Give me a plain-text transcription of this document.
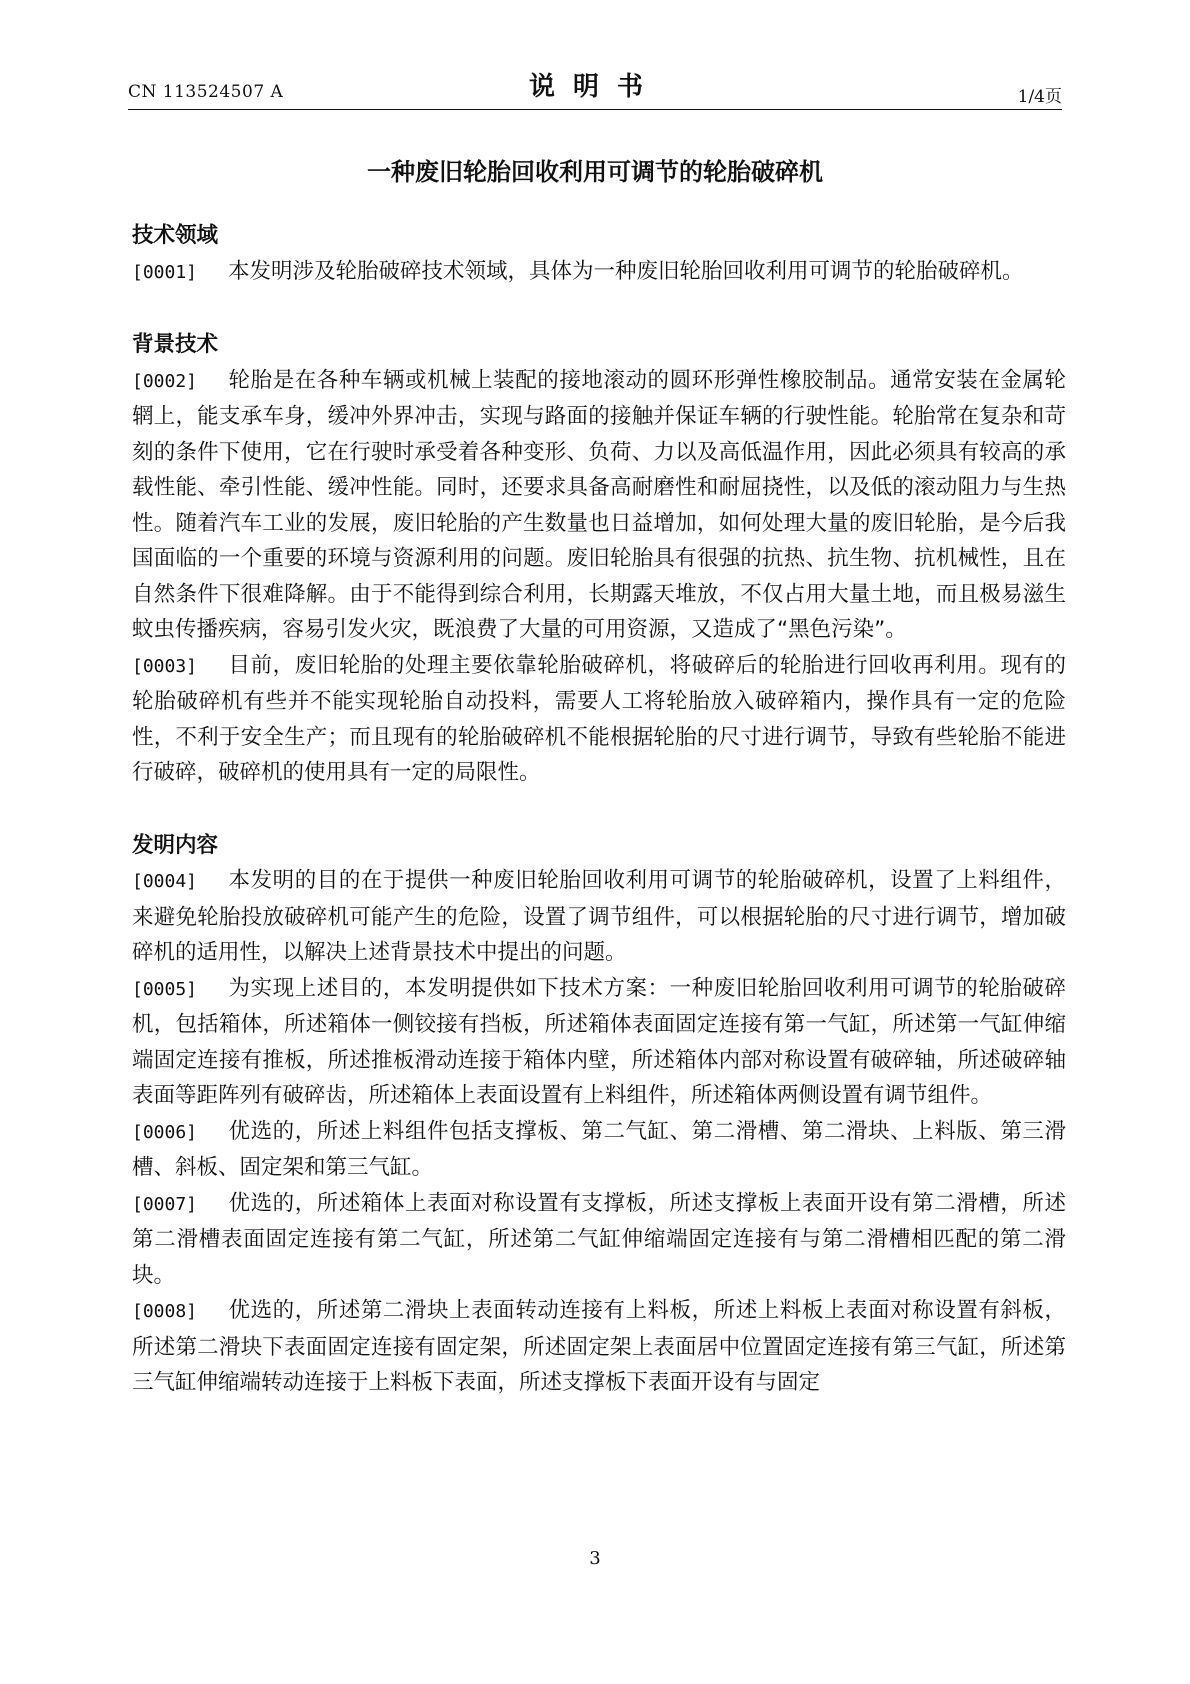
CN 113524507 A	说明书	1/4页
一种废旧轮胎回收利用可调节的轮胎破碎机
技术领域
[0001] 本发明涉及轮胎破碎技术领域，具体为一种废旧轮胎回收利用可调节的轮胎破碎机。
背景技术
[0002] 轮胎是在各种车辆或机械上装配的接地滚动的圆环形弹性橡胶制品。通常安装在金属轮辋上，能支承车身，缓冲外界冲击，实现与路面的接触并保证车辆的行驶性能。轮胎常在复杂和苛刻的条件下使用，它在行驶时承受着各种变形、负荷、力以及高低温作用，因此必须具有较高的承载性能、牵引性能、缓冲性能。同时，还要求具备高耐磨性和耐屈挠性，以及低的滚动阻力与生热性。随着汽车工业的发展，废旧轮胎的产生数量也日益增加，如何处理大量的废旧轮胎，是今后我国面临的一个重要的环境与资源利用的问题。废旧轮胎具有很强的抗热、抗生物、抗机械性，且在自然条件下很难降解。由于不能得到综合利用，长期露天堆放，不仅占用大量土地，而且极易滋生蚊虫传播疾病，容易引发火灾，既浪费了大量的可用资源，又造成了“黑色污染”。
[0003] 目前，废旧轮胎的处理主要依靠轮胎破碎机，将破碎后的轮胎进行回收再利用。现有的轮胎破碎机有些并不能实现轮胎自动投料，需要人工将轮胎放入破碎箱内，操作具有一定的危险性，不利于安全生产；而且现有的轮胎破碎机不能根据轮胎的尺寸进行调节，导致有些轮胎不能进行破碎，破碎机的使用具有一定的局限性。
发明内容
[0004] 本发明的目的在于提供一种废旧轮胎回收利用可调节的轮胎破碎机，设置了上料组件，来避免轮胎投放破碎机可能产生的危险，设置了调节组件，可以根据轮胎的尺寸进行调节，增加破碎机的适用性，以解决上述背景技术中提出的问题。
[0005] 为实现上述目的，本发明提供如下技术方案：一种废旧轮胎回收利用可调节的轮胎破碎机，包括箱体，所述箱体一侧铰接有挡板，所述箱体表面固定连接有第一气缸，所述第一气缸伸缩端固定连接有推板，所述推板滑动连接于箱体内壁，所述箱体内部对称设置有破碎轴，所述破碎轴表面等距阵列有破碎齿，所述箱体上表面设置有上料组件，所述箱体两侧设置有调节组件。
[0006] 优选的，所述上料组件包括支撑板、第二气缸、第二滑槽、第二滑块、上料版、第三滑槽、斜板、固定架和第三气缸。
[0007] 优选的，所述箱体上表面对称设置有支撑板，所述支撑板上表面开设有第二滑槽，所述第二滑槽表面固定连接有第二气缸，所述第二气缸伸缩端固定连接有与第二滑槽相匹配的第二滑块。
[0008] 优选的，所述第二滑块上表面转动连接有上料板，所述上料板上表面对称设置有斜板，所述第二滑块下表面固定连接有固定架，所述固定架上表面居中位置固定连接有第三气缸，所述第三气缸伸缩端转动连接于上料板下表面，所述支撑板下表面开设有与固定
3
